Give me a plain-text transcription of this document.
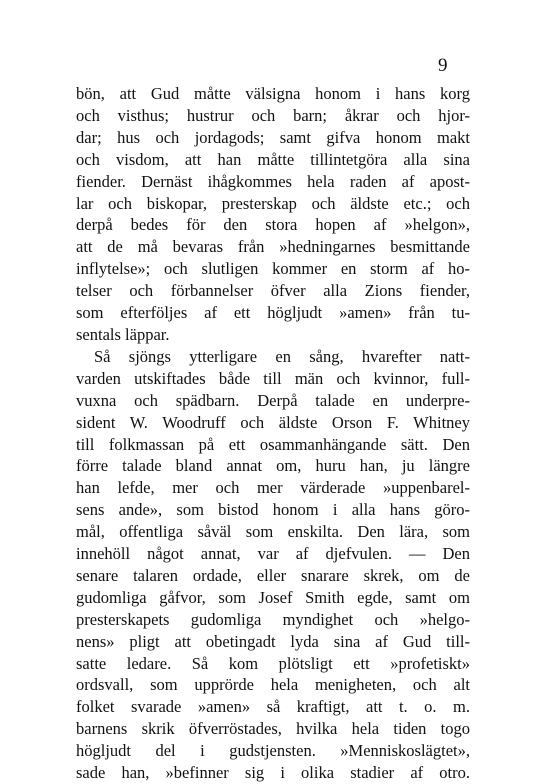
9
bön, att Gud måtte välsigna honom i hans korg
och visthus; hustrur och barn; åkrar och hjor-
dar; hus och jordagods; samt gifva honom makt
och visdom, att han måtte tillintetgöra alla sina
fiender. Dernäst ihågkommes hela raden af apost-
lar och biskopar, presterskap och äldste etc.; och
derpå bedes för den stora hopen af »helgon»,
att de må bevaras från »hedningarnes besmittande
inflytelse»; och slutligen kommer en storm af ho-
telser och förbannelser öfver alla Zions fiender,
som efterföljes af ett högljudt »amen» från tu-
sentals läppar.
Så sjöngs ytterligare en sång, hvarefter natt-
varden utskiftades både till män och kvinnor, full-
vuxna och spädbarn. Derpå talade en underpre-
sident W. Woodruff och äldste Orson F. Whitney
till folkmassan på ett osammanhängande sätt. Den
förre talade bland annat om, huru han, ju längre
han lefde, mer och mer värderade »uppenbarel-
sens ande», som bistod honom i alla hans görо-
mål, offentliga såväl som enskilta. Den lära, som
innehöll något annat, var af djefvulen. — Den
senare talaren ordade, eller snarare skrek, om de
gudomliga gåfvor, som Josef Smith egde, samt om
presterskapets gudomliga myndighet och »helgo-
nens» pligt att obetingadt lyda sina af Gud till-
satte ledare. Så kom plötsligt ett »profetiskt»
ordsvall, som upprörde hela menigheten, och alt
folket svarade »amen» så kraftigt, att t. o. m.
barnens skrik öfverröstades, hvilka hela tiden togo
högljudt del i gudstjensten. »Menniskoslägtet»,
sade han, »befinner sig i olika stadier af otro.
